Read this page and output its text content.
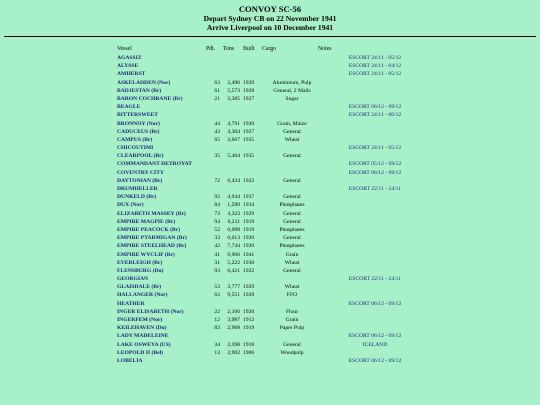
CONVOY SC-56
Depart Sydney CB on 22 November 1941
Arrive Liverpool on 10 December 1941
Vessel	Pdt. Tons Built Cargo	Notes
AGASSIZ	ESCORT 24/11 - 05/12
ALYSSE	ESCORT 24/11 - 04/12
AMHERST	ESCORT 24/11 - 05/12
ASKELADDEN (Nor)	63	2,496 1920	Aluminium, Pulp
BADJESTAN (Br)	61	5,573 1928	General, 2 Mails
BARON COCHRANE (Br)	21	3,385 1927	Sugar
BEAGLE	ESCORT 06/12 - 09/12
BITTERSWEET	ESCORT 24/11 - 06/12
BRONNOY (Nor)	44	4,791 1920	Grain, Maize
CADUCEUS (Br)	43	4,304 1927	General
CAMPUS (Br)	65	3,667 1925	Wheat
CHICOUTIMI	ESCORT 24/11 - 05/12
CLEARPOOL (Br)	35	5,404 1935	General
COMMANDANT DETROYAT	ESCORT 05/12 - 09/12
COVENTRY CITY	ESCORT 06/12 - 09/12
DAYTONIAN (Br)	72	6,434 1922	General
DRUMHELLER	ESCORT 22/11 - 24/11
DUNKELD (Br)	92	4,944 1937	General
DUX (Nor)	84	1,590 1934	Phosphates
ELIZABETH MASSEY (Br)	73	4,323 1929	General
EMPIRE MAGPIE (Br)	94	6,211 1919	General
EMPIRE PEACOCK (Br)	52	6,098 1919	Phosphates
EMPIRE PTARMIGAN (Br)	33	6,013 1920	General
EMPIRE STEELHEAD (Br)	42	7,744 1920	Phosphates
EMPIRE WYCLIF (Br)	41	6,966 1941	Grain
EVERLEIGH (Br)	31	5,222 1930	Wheat
FLENSBURG (Du)	93	6,421 1922	General
GEORGIAN	ESCORT 22/11 - 24/11
GLAISDALE (Br)	53	3,777 1929	Wheat
HALLANGER (Nor)	62	9,551 1928	FFO
HEATHER	ESCORT 06/12 - 09/12
INGER ELISABETH (Nor)	22	2,166 1920	Flour
INGERFEM (Nor)	12	3,987 1912	Grain
KEILEHAVEN (Du)	83	2,968 1919	Paper Pulp
LADY MADELEINE	ESCORT 06/12 - 09/12
LAKE OSWEYA (US)	34	2,398 1918	General	ICELAND
LEOPOLD II (Bel)	13	2,902 1906	Woodpulp
LOBELIA	ESCORT 06/12 - 09/12
